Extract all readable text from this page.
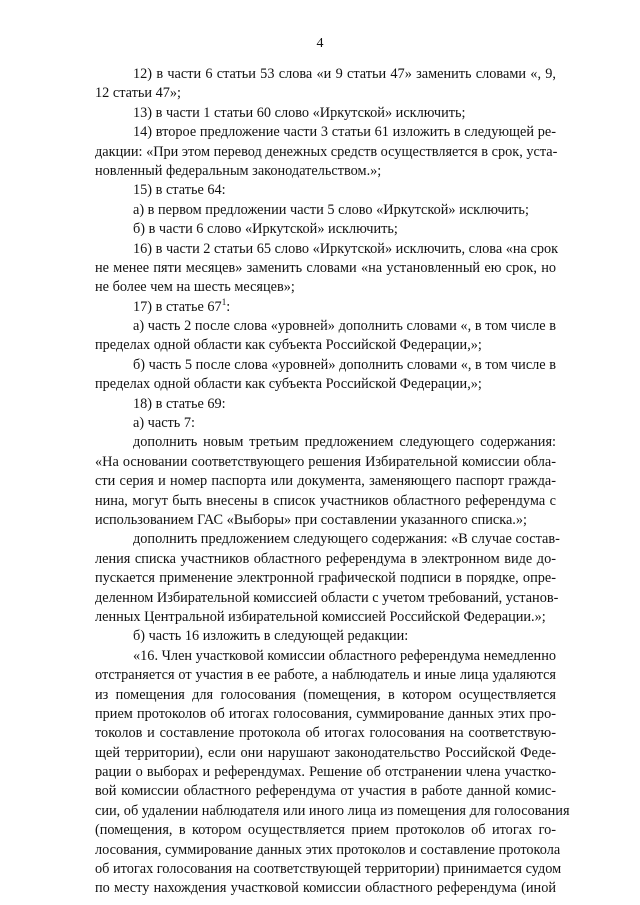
4
12) в части 6 статьи 53 слова «и 9 статьи 47» заменить словами «, 9,
12 статьи 47»;
13) в части 1 статьи 60 слово «Иркутской» исключить;
14) второе предложение части 3 статьи 61 изложить в следующей ре-
дакции: «При этом перевод денежных средств осуществляется в срок, уста-
новленный федеральным законодательством.»;
15) в статье 64:
а) в первом предложении части 5 слово «Иркутской» исключить;
б) в части 6 слово «Иркутской» исключить;
16) в части 2 статьи 65 слово «Иркутской» исключить, слова «на срок
не менее пяти месяцев» заменить словами «на установленный ею срок, но
не более чем на шесть месяцев»;
17) в статье $67^1$:
а) часть 2 после слова «уровней» дополнить словами «, в том числе в
пределах одной области как субъекта Российской Федерации,»;
б) часть 5 после слова «уровней» дополнить словами «, в том числе в
пределах одной области как субъекта Российской Федерации,»;
18) в статье 69:
а) часть 7:
дополнить новым третьим предложением следующего содержания:
«На основании соответствующего решения Избирательной комиссии обла-
сти серия и номер паспорта или документа, заменяющего паспорт гражда-
нина, могут быть внесены в список участников областного референдума с
использованием ГАС «Выборы» при составлении указанного списка.»;
дополнить предложением следующего содержания: «В случае состав-
ления списка участников областного референдума в электронном виде до-
пускается применение электронной графической подписи в порядке, опре-
деленном Избирательной комиссией области с учетом требований, установ-
ленных Центральной избирательной комиссией Российской Федерации.»;
б) часть 16 изложить в следующей редакции:
«16. Член участковой комиссии областного референдума немедленно
отстраняется от участия в ее работе, а наблюдатель и иные лица удаляются
из помещения для голосования (помещения, в котором осуществляется
прием протоколов об итогах голосования, суммирование данных этих про-
токолов и составление протокола об итогах голосования на соответствую-
щей территории), если они нарушают законодательство Российской Феде-
рации о выборах и референдумах. Решение об отстранении члена участко-
вой комиссии областного референдума от участия в работе данной комис-
сии, об удалении наблюдателя или иного лица из помещения для голосования
(помещения, в котором осуществляется прием протоколов об итогах го-
лосования, суммирование данных этих протоколов и составление протокола
об итогах голосования на соответствующей территории) принимается судом
по месту нахождения участковой комиссии областного референдума (иной
